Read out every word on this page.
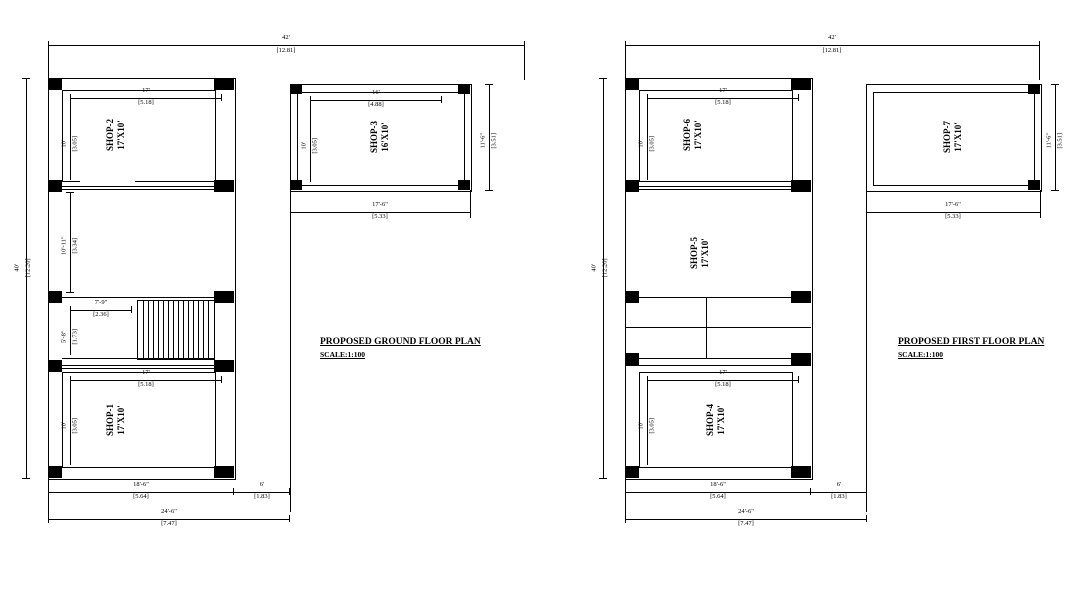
42'
[12.81]
40' [12.20]
SHOP-2
17'X10'
17'
[5.18]
10' [3.05]
10'-11" [3.34]
7'-9"
[2.36]
5'-8" [1.73]
SHOP-1
17'X10'
17'
[5.18]
10' [3.05]
SHOP-3
16'X10'
16'
[4.88]
10' [3.05]	11'-6" [3.51]
17'-6"
[5.33]
18'-6"
[5.64]
6'
[1.83]
24'-6"
[7.47]
PROPOSED GROUND FLOOR PLAN
SCALE:1:100
42'
[12.81]
40' [12.20]
SHOP-6
17'X10'
17'
[5.18]
10' [3.05]
SHOP-5
17'X10'
SHOP-4
17'X10'
17'
[5.18]
10' [3.05]
SHOP-7
17'X10'	11'-6" [3.51]
17'-6"
[5.33]
18'-6"
[5.64]
6'
[1.83]
24'-6"
[7.47]
PROPOSED FIRST FLOOR PLAN
SCALE:1:100
